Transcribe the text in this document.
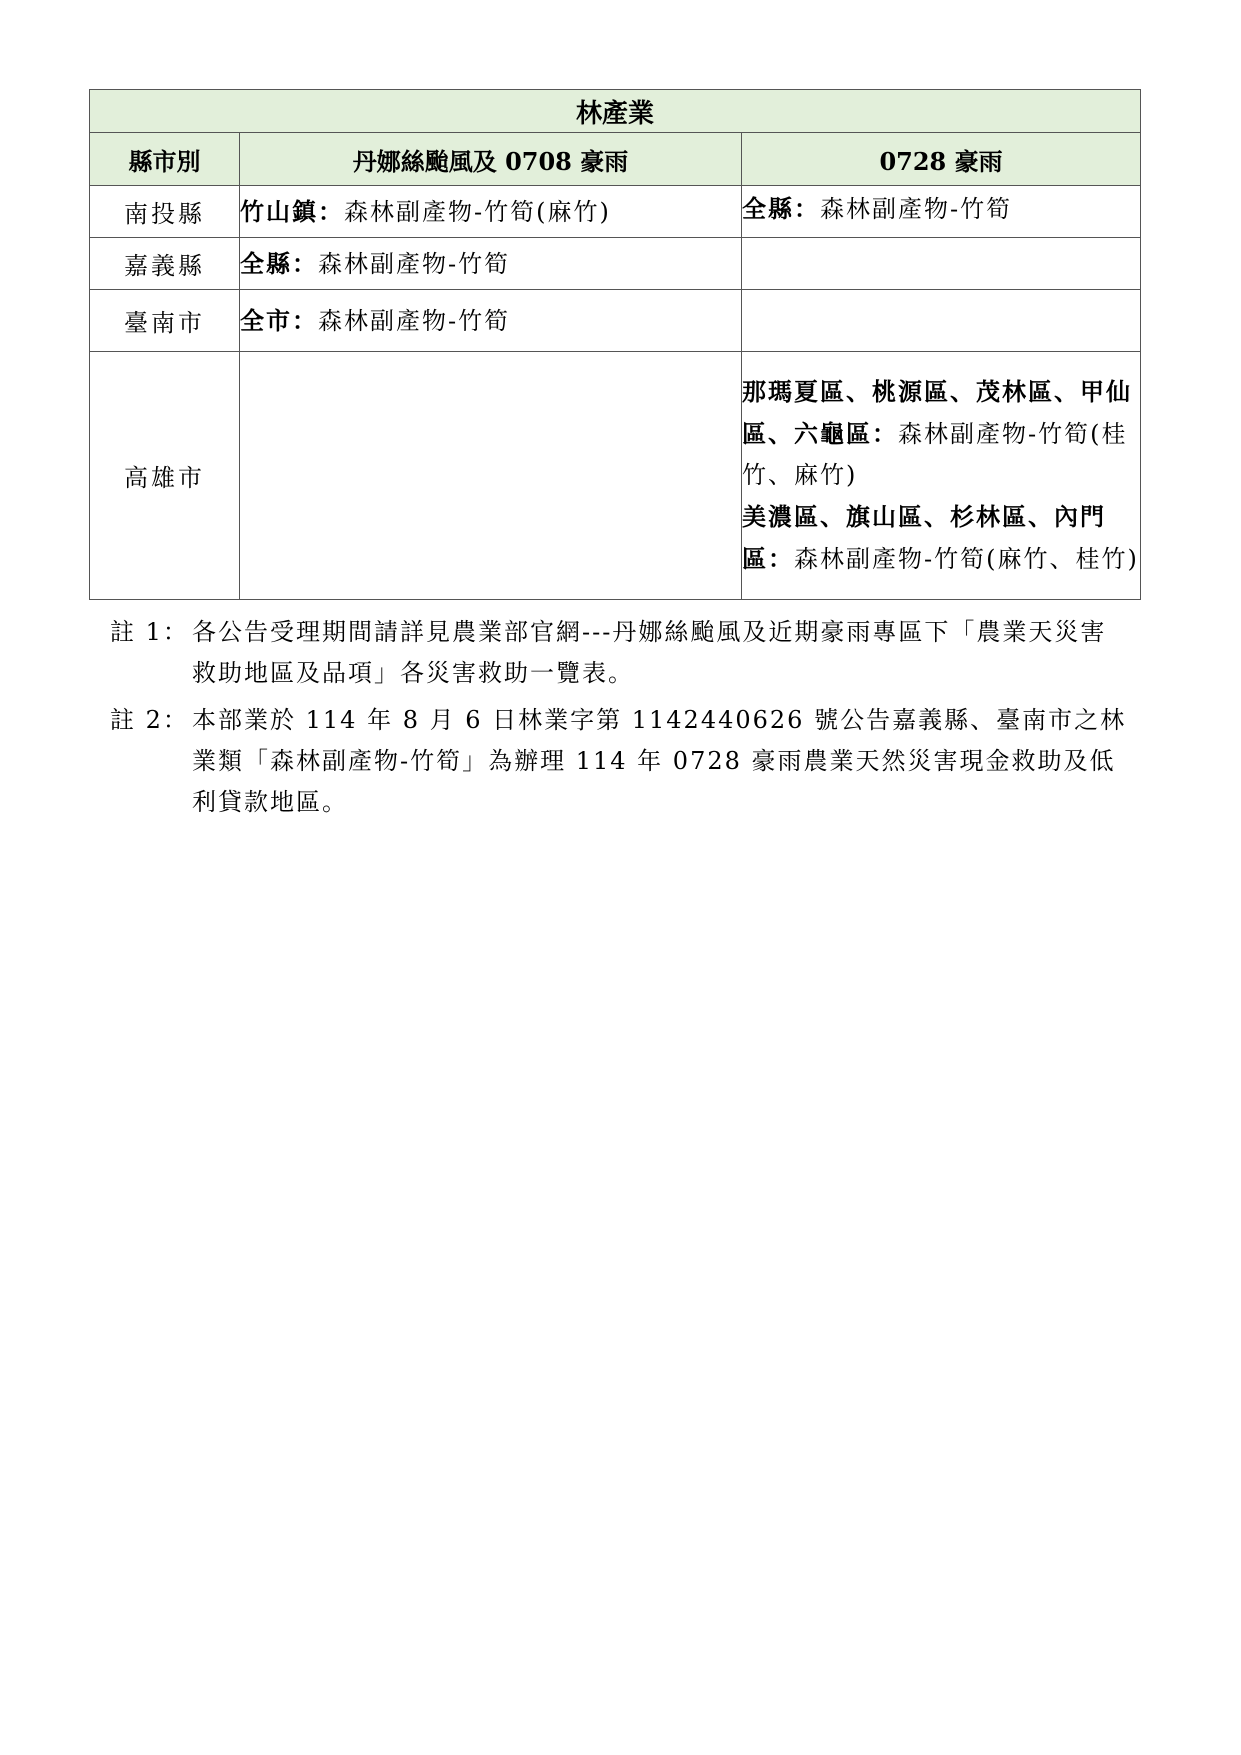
林產業		
縣市別	丹娜絲颱風及 0708 豪雨	0728 豪雨
南投縣	竹山鎮：森林副產物-竹筍(麻竹)	全縣：森林副產物-竹筍
嘉義縣	全縣：森林副產物-竹筍	
臺南市	全市：森林副產物-竹筍	
高雄市		那瑪夏區、桃源區、茂林區、甲仙區、六龜區：森林副產物-竹筍(桂竹、麻竹)
美濃區、旗山區、杉林區、內門區：森林副產物-竹筍(麻竹、桂竹)
註 1： 各公告受理期間請詳見農業部官網---丹娜絲颱風及近期豪雨專區下「農業天災害 救助地區及品項」各災害救助一覽表。
註 2： 本部業於 114 年 8 月 6 日林業字第 1142440626 號公告嘉義縣、臺南市之林業類「森林副產物-竹筍」為辦理 114 年 0728 豪雨農業天然災害現金救助及低利貸款地區。
